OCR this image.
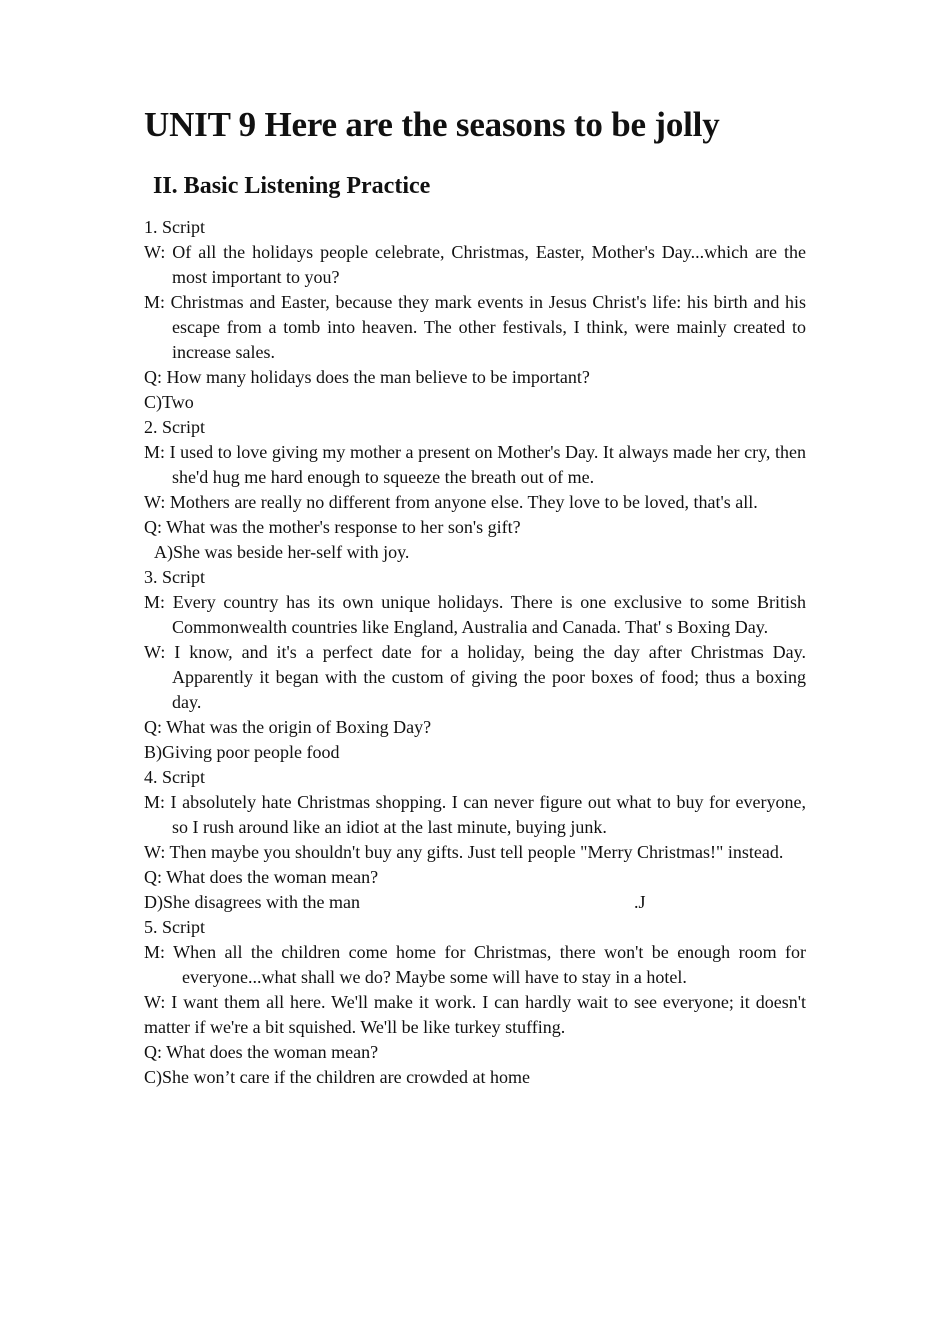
UNIT 9 Here are the seasons to be jolly
II. Basic Listening Practice

1. Script

W: Of all the holidays people celebrate, Christmas, Easter, Mother's Day...which are the most important to you?

M: Christmas and Easter, because they mark events in Jesus Christ's life: his birth and his escape from a tomb into heaven. The other festivals, I think, were mainly created to increase sales.

Q: How many holidays does the man believe to be important?

C)Two

2. Script

M: I used to love giving my mother a present on Mother's Day. It always made her cry, then she'd hug me hard enough to squeeze the breath out of me.

W: Mothers are really no different from anyone else. They love to be loved, that's all.

Q: What was the mother's response to her son's gift?

A)She was beside her-self with joy.

3. Script

M: Every country has its own unique holidays. There is one exclusive to some British Commonwealth countries like England, Australia and Canada. That' s Boxing Day.

W: I know, and it's a perfect date for a holiday, being the day after Christmas Day. Apparently it began with the custom of giving the poor boxes of food; thus a boxing day.

Q: What was the origin of Boxing Day?

B)Giving poor people food

4. Script

M: I absolutely hate Christmas shopping. I can never figure out what to buy for everyone, so I rush around like an idiot at the last minute, buying junk.

W: Then maybe you shouldn't buy any gifts. Just tell people "Merry Christmas!" instead.

Q: What does the woman mean?

D)She disagrees with the man	.J

5. Script

M: When all the children come home for Christmas, there won't be enough room for everyone...what shall we do? Maybe some will have to stay in a hotel.

W: I want them all here. We'll make it work. I can hardly wait to see everyone; it doesn't matter if we're a bit squished. We'll be like turkey stuffing.

Q: What does the woman mean?

C)She won’t care if the children are crowded at home
